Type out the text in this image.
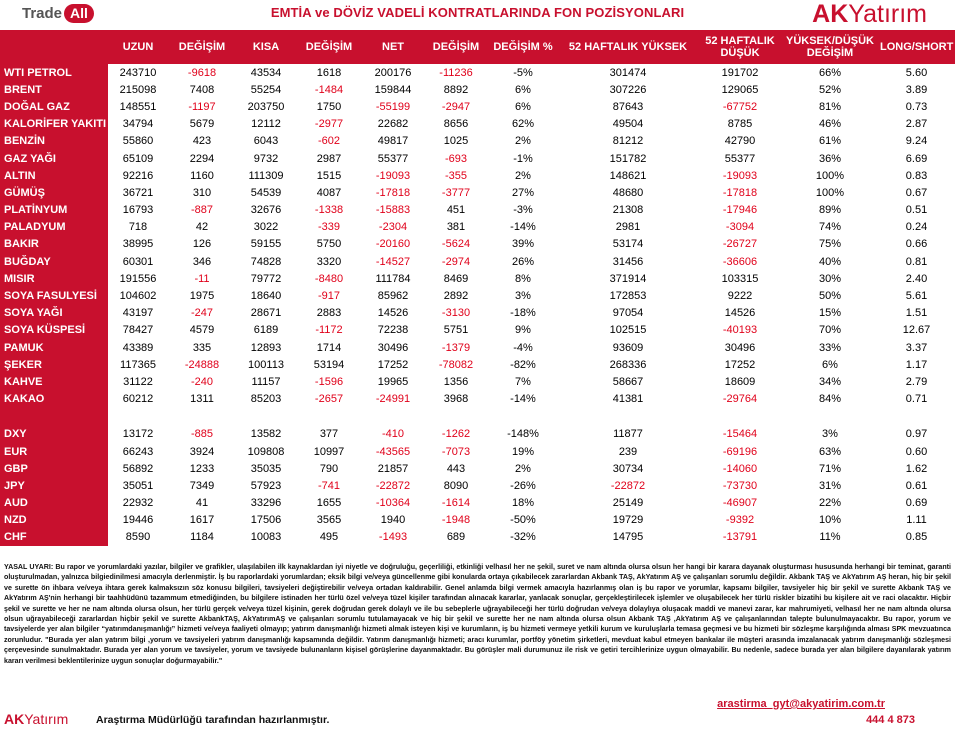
Trade All	EMTİA ve DÖVİZ VADELİ KONTRATLARINDA FON POZİSYONLARI	AKYatırım
	UZUN	DEĞİŞİM	KISA	DEĞİŞİM	NET	DEĞİŞİM	DEĞİŞİM %	52 HAFTALIK YÜKSEK	52 HAFTALIK DÜŞÜK	YÜKSEK/DÜŞÜK DEĞİŞİM	LONG/SHORT
WTI PETROL	243710	-9618	43534	1618	200176	-11236	-5%	301474	191702	66%	5.60
BRENT	215098	7408	55254	-1484	159844	8892	6%	307226	129065	52%	3.89
DOĞAL GAZ	148551	-1197	203750	1750	-55199	-2947	6%	87643	-67752	81%	0.73
KALORİFER YAKITI	34794	5679	12112	-2977	22682	8656	62%	49504	8785	46%	2.87
BENZİN	55860	423	6043	-602	49817	1025	2%	81212	42790	61%	9.24
GAZ YAĞI	65109	2294	9732	2987	55377	-693	-1%	151782	55377	36%	6.69
ALTIN	92216	1160	111309	1515	-19093	-355	2%	148621	-19093	100%	0.83
GÜMÜŞ	36721	310	54539	4087	-17818	-3777	27%	48680	-17818	100%	0.67
PLATİNYUM	16793	-887	32676	-1338	-15883	451	-3%	21308	-17946	89%	0.51
PALADYUM	718	42	3022	-339	-2304	381	-14%	2981	-3094	74%	0.24
BAKIR	38995	126	59155	5750	-20160	-5624	39%	53174	-26727	75%	0.66
BUĞDAY	60301	346	74828	3320	-14527	-2974	26%	31456	-36606	40%	0.81
MISIR	191556	-11	79772	-8480	111784	8469	8%	371914	103315	30%	2.40
SOYA FASULYESİ	104602	1975	18640	-917	85962	2892	3%	172853	9222	50%	5.61
SOYA YAĞI	43197	-247	28671	2883	14526	-3130	-18%	97054	14526	15%	1.51
SOYA KÜSPESİ	78427	4579	6189	-1172	72238	5751	9%	102515	-40193	70%	12.67
PAMUK	43389	335	12893	1714	30496	-1379	-4%	93609	30496	33%	3.37
ŞEKER	117365	-24888	100113	53194	17252	-78082	-82%	268336	17252	6%	1.17
KAHVE	31122	-240	11157	-1596	19965	1356	7%	58667	18609	34%	2.79
KAKAO	60212	1311	85203	-2657	-24991	3968	-14%	41381	-29764	84%	0.71

DXY	13172	-885	13582	377	-410	-1262	-148%	11877	-15464	3%	0.97
EUR	66243	3924	109808	10997	-43565	-7073	19%	239	-69196	63%	0.60
GBP	56892	1233	35035	790	21857	443	2%	30734	-14060	71%	1.62
JPY	35051	7349	57923	-741	-22872	8090	-26%	-22872	-73730	31%	0.61
AUD	22932	41	33296	1655	-10364	-1614	18%	25149	-46907	22%	0.69
NZD	19446	1617	17506	3565	1940	-1948	-50%	19729	-9392	10%	1.11
CHF	8590	1184	10083	495	-1493	689	-32%	14795	-13791	11%	0.85
YASAL UYARI: Bu rapor ve yorumlardaki yazılar, bilgiler ve grafikler, ulaşılabilen ilk kaynaklardan iyi niyetle ve doğruluğu, geçerliliği, etkinliği velhasıl her ne şekil, suret ve nam altında olursa olsun her hangi bir karara dayanak oluşturması hususunda herhangi bir teminat, garanti oluşturulmadan, yalnızca bilgiedinilmesi amacıyla derlenmiştir. İş bu raporlardaki yorumlardan; eksik bilgi ve/veya güncellenme gibi konularda ortaya çıkabilecek zararlardan Akbank TAŞ, AkYatırım AŞ ve çalışanları sorumlu değildir. Akbank TAŞ ve AkYatırım AŞ heran, hiç bir şekil ve surette ön ihbara ve/veya ihtara gerek kalmaksızın söz konusu bilgileri, tavsiyeleri değiştirebilir ve/veya ortadan kaldırabilir. Genel anlamda bilgi vermek amacıyla hazırlanmış olan iş bu rapor ve yorumlar, kapsamı bilgiler, tavsiyeler hiç bir şekil ve surette Akbank TAŞ ve AkYatırım AŞ'nin herhangi bir taahhüdünü tazammum etmediğinden, bu bilgilere istinaden her türlü özel ve/veya tüzel kişiler tarafından alınacak kararlar, yanlacak sonuçlar, gerçekleştirilecek işlemler ve oluşabilecek her türlü riskler bizatihi bu kişilere ait ve raci olacaktır. Hiçbir şekil ve surette ve her ne nam altında olursa olsun, her türlü gerçek ve/veya tüzel kişinin, gerek doğrudan gerek dolaylı ve ile bu sebeplerle uğrayabileceği her türlü doğrudan ve/veya dolaylıya oluşacak maddi ve manevi zarar, kar mahrumiyeti, velhasıl her ne nam altında olursa olsun uğrayabileceği zararlardan hiçbir şekil ve surette AkbankTAŞ, AkYatırımAŞ ve çalışanları sorumlu tutulamayacak ve hiç bir şekil ve surette her ne nam altında olursa olsun Akbank TAŞ ,AkYatırım AŞ ve çalışanlarından talepte bulunulmayacaktır. Bu rapor, yorum ve tavsiyelerde yer alan bilgiler “yatırımdanışmanlığı” hizmeti ve/veya faaliyeti olmayıp; yatırım danışmanlığı hizmeti almak isteyen kişi ve kurumların, iş bu hizmeti vermeye yetkili kurum ve kuruluşlarla temasa geçmesi ve bu hizmeti bir sözleşme karşılığında alması SPK mevzuatınca zorunludur. "Burada yer alan yatırım bilgi ,yorum ve tavsiyeleri yatırım danışmanlığı kapsamında değildir. Yatırım danışmanlığı hizmeti; aracı kurumlar, portföy yönetim şirketleri, mevduat kabul etmeyen bankalar ile müşteri arasında imzalanacak yatırım danışmanlığı sözleşmesi çerçevesinde sunulmaktadır. Burada yer alan yorum ve tavsiyeler, yorum ve tavsiyede bulunanların kişisel görüşlerine dayanmaktadır. Bu görüşler mali durumunuz ile risk ve getiri tercihlerinize uygun olmayabilir. Bu nedenle, sadece burada yer alan bilgilere dayanılarak yatırım kararı verilmesi beklentilerinize uygun sonuçlar doğurmayabilir."
arastirma_gyt@akyatirim.com.tr
AKYatırım	Araştırma Müdürlüğü tarafından hazırlanmıştır.	444 4 873
